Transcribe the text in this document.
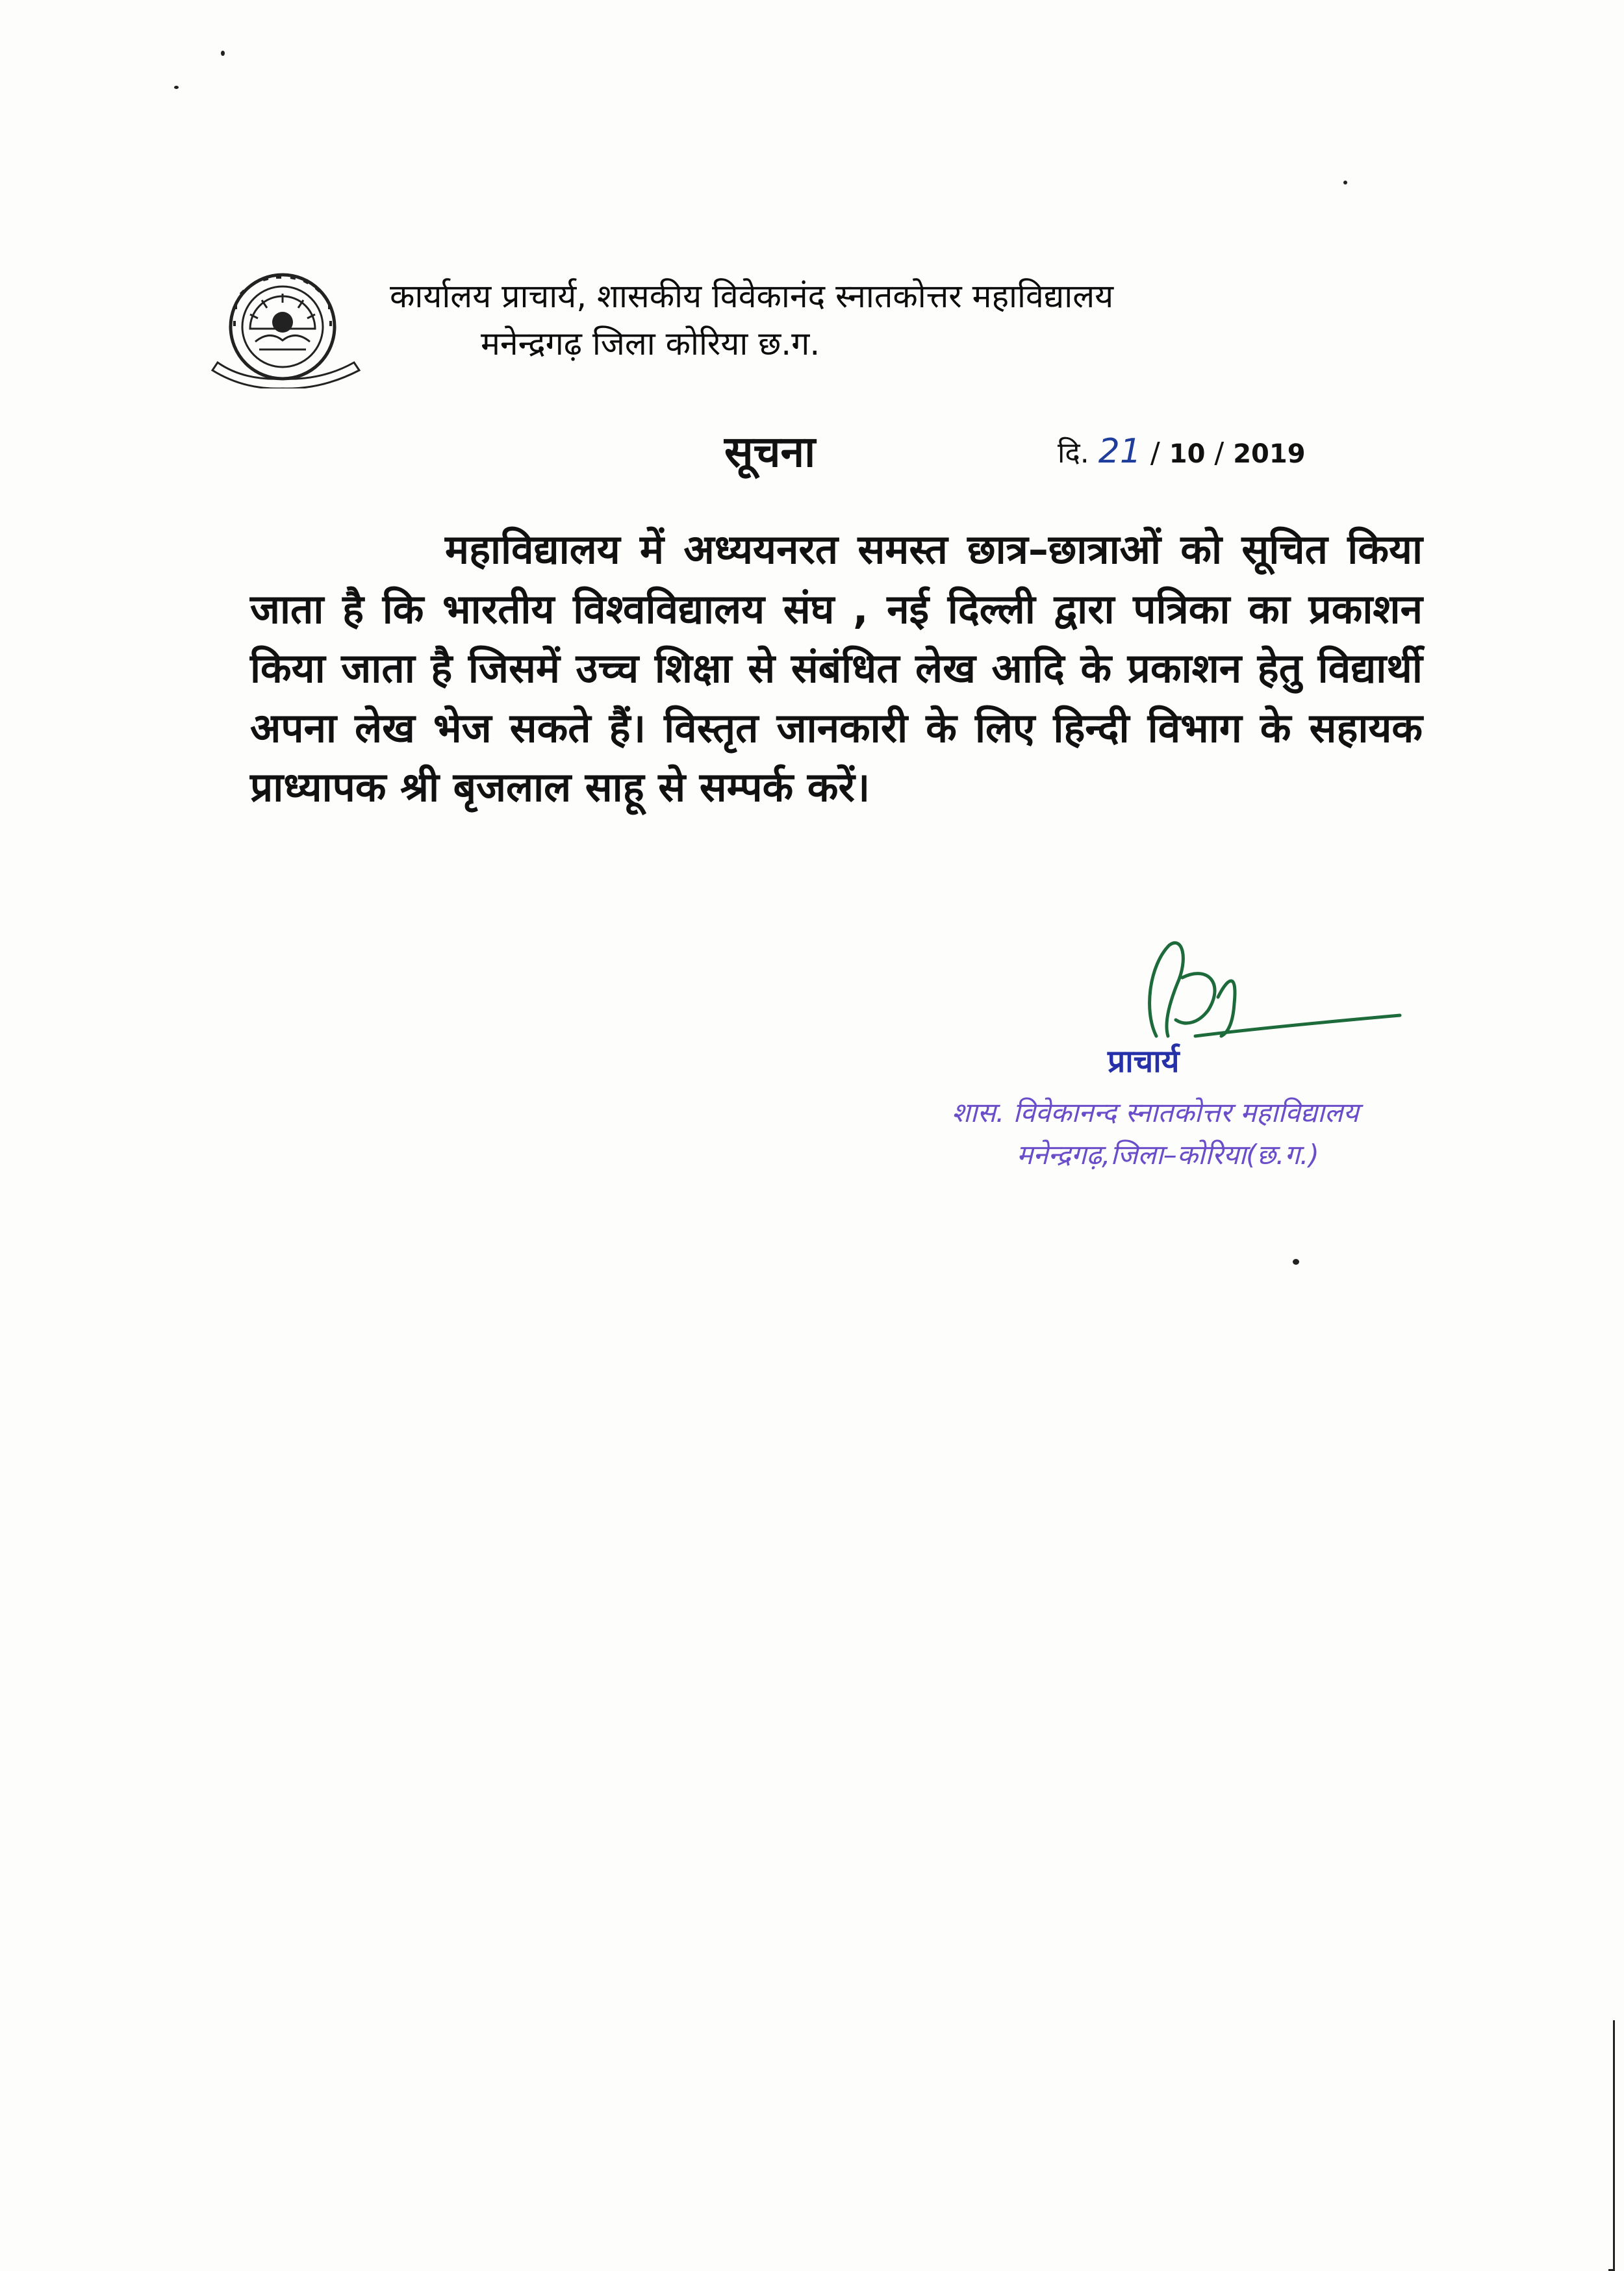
कार्यालय प्राचार्य, शासकीय विवेकानंद स्नातकोत्तर महाविद्यालय
मनेन्द्रगढ़ जिला कोरिया छ.ग.
सूचना	दि. 21 / 10 / 2019
महाविद्यालय में अध्ययनरत समस्त छात्र–छात्राओं को सूचित किया जाता है कि भारतीय विश्वविद्यालय संघ , नई दिल्ली द्वारा पत्रिका का प्रकाशन किया जाता है जिसमें उच्च शिक्षा से संबंधित लेख आदि के प्रकाशन हेतु विद्यार्थी अपना लेख भेज सकते हैं। विस्तृत जानकारी के लिए हिन्दी विभाग के सहायक प्राध्यापक श्री बृजलाल साहू से सम्पर्क करें।
प्राचार्य
शास. विवेकानन्द स्नातकोत्तर महाविद्यालय
मनेन्द्रगढ़,जिला–कोरिया(छ.ग.)
